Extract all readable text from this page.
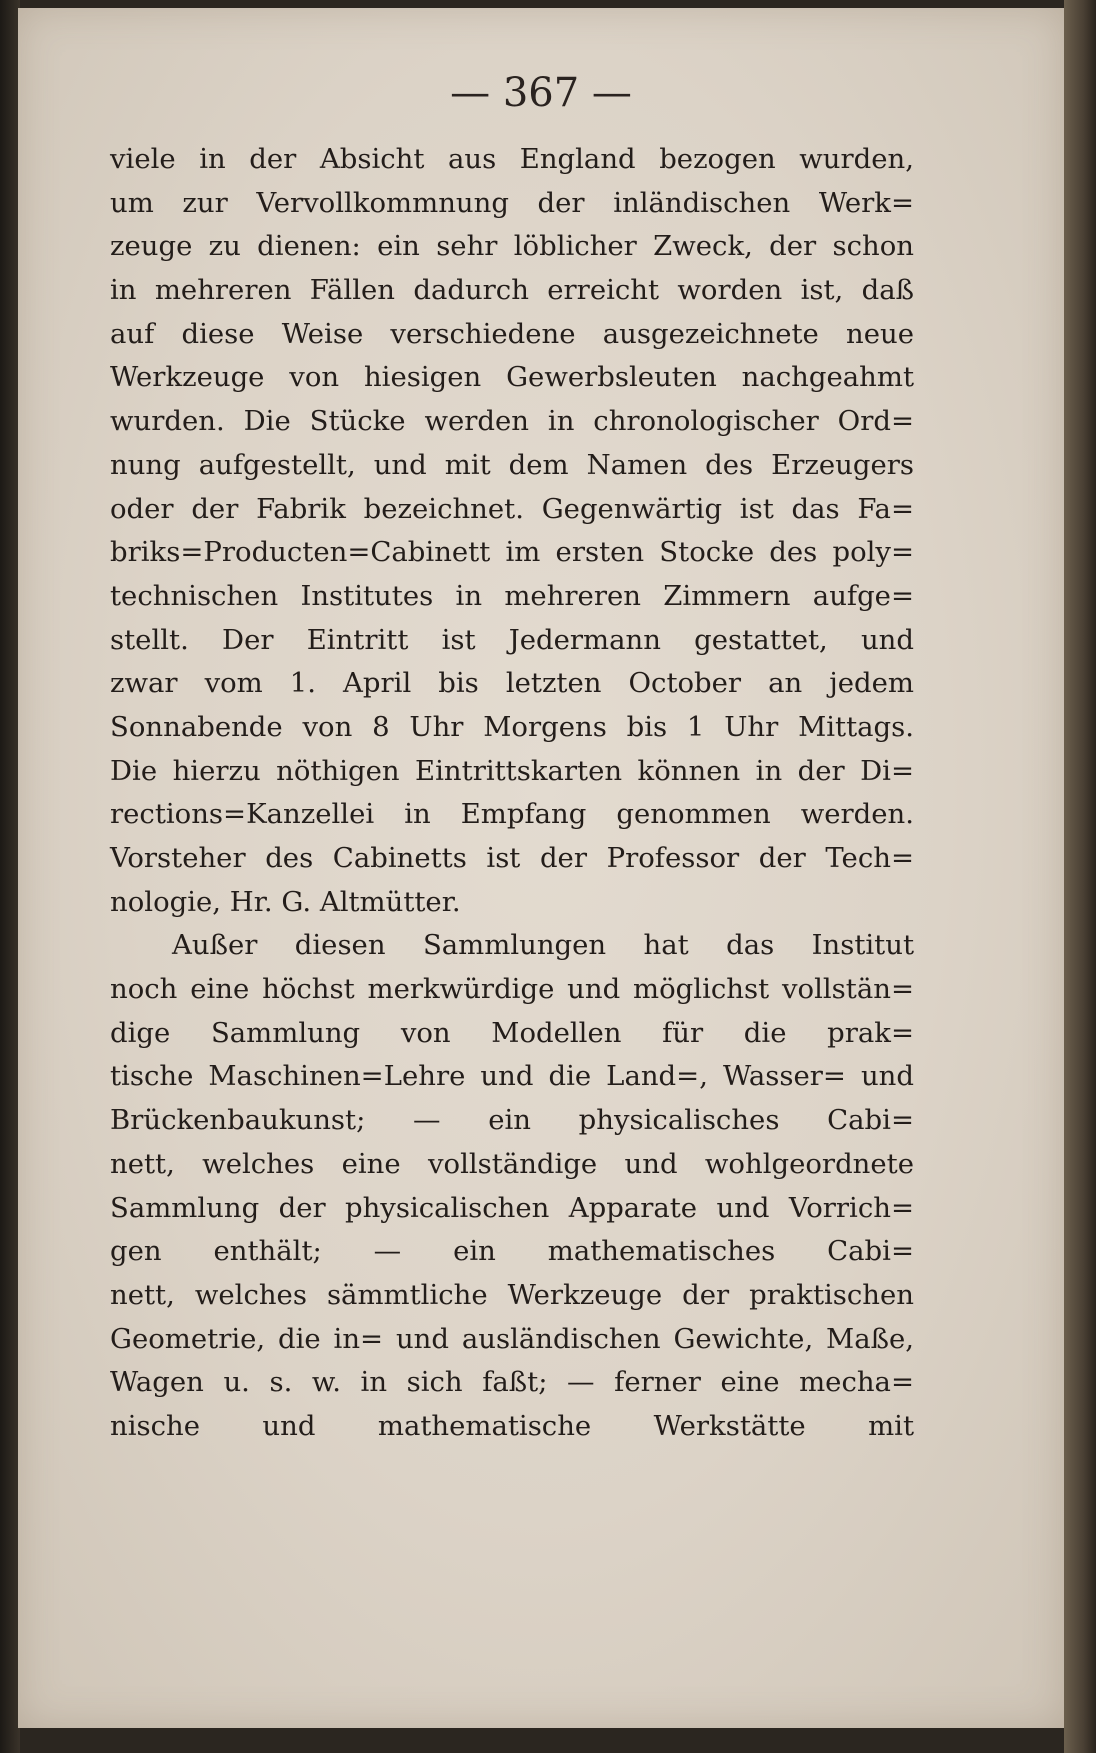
— 367 —
viele in der Absicht aus England bezogen wurden,
um zur Vervollkommnung der inländischen Werk=
zeuge zu dienen: ein sehr löblicher Zweck, der schon
in mehreren Fällen dadurch erreicht worden ist, daß
auf diese Weise verschiedene ausgezeichnete neue
Werkzeuge von hiesigen Gewerbsleuten nachgeahmt
wurden. Die Stücke werden in chronologischer Ord=
nung aufgestellt, und mit dem Namen des Erzeugers
oder der Fabrik bezeichnet. Gegenwärtig ist das Fa=
briks=Producten=Cabinett im ersten Stocke des poly=
technischen Institutes in mehreren Zimmern aufge=
stellt. Der Eintritt ist Jedermann gestattet, und
zwar vom 1. April bis letzten October an jedem
Sonnabende von 8 Uhr Morgens bis 1 Uhr Mittags.
Die hierzu nöthigen Eintrittskarten können in der Di=
rections=Kanzellei in Empfang genommen werden.
Vorsteher des Cabinetts ist der Professor der Tech=
nologie, Hr. G. Altmütter.
Außer diesen Sammlungen hat das Institut
noch eine höchst merkwürdige und möglichst vollstän=
dige Sammlung von Modellen für die prak=
tische Maschinen=Lehre und die Land=, Wasser= und
Brückenbaukunst; — ein physicalisches Cabi=
nett, welches eine vollständige und wohlgeordnete
Sammlung der physicalischen Apparate und Vorrich=
gen enthält; — ein mathematisches Cabi=
nett, welches sämmtliche Werkzeuge der praktischen
Geometrie, die in= und ausländischen Gewichte, Maße,
Wagen u. s. w. in sich faßt; — ferner eine mecha=
nische und mathematische Werkstätte mit
